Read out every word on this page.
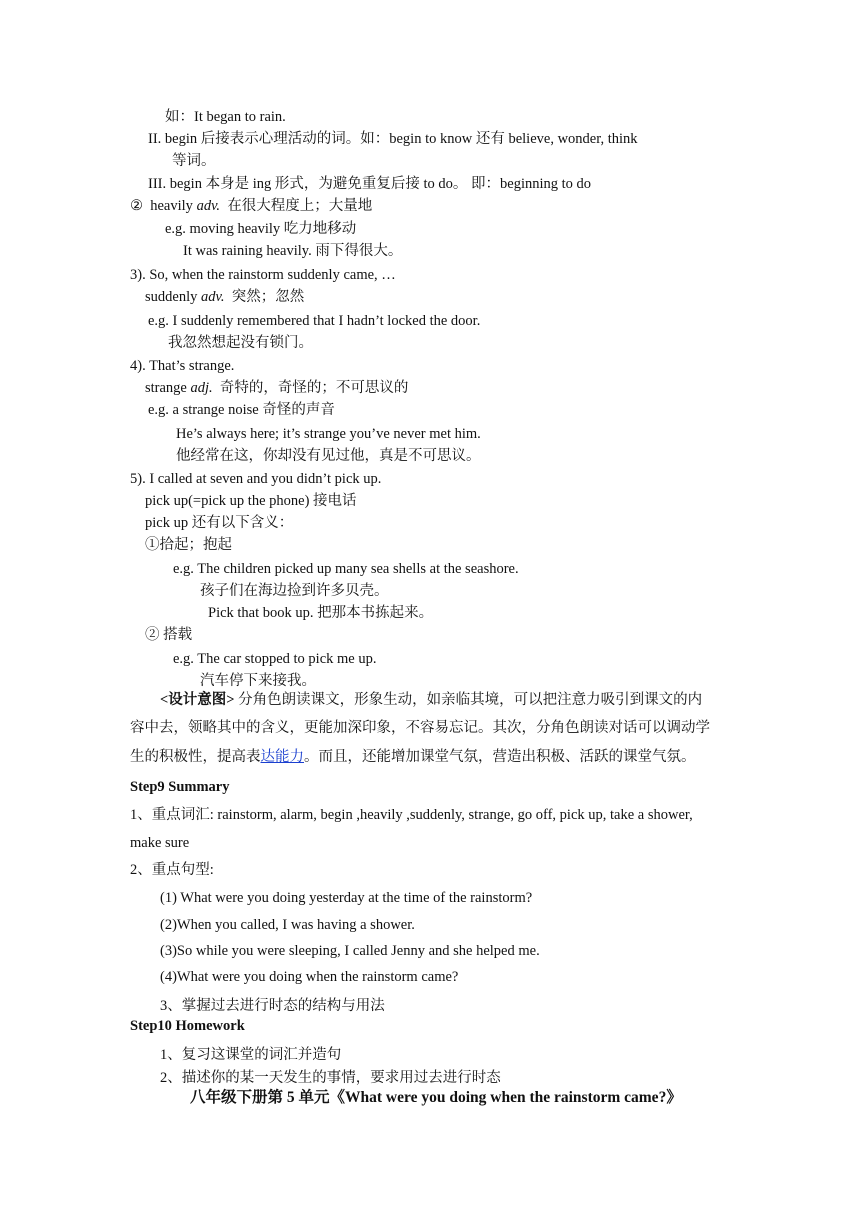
如：It began to rain.
II. begin 后接表示心理活动的词。如：begin to know 还有 believe, wonder, think
等词。
III. begin 本身是 ing 形式，为避免重复后接 to do。 即：beginning to do
② heavily adv. 在很大程度上；大量地
e.g. moving heavily 吃力地移动
It was raining heavily. 雨下得很大。
3). So, when the rainstorm suddenly came, …
suddenly adv. 突然；忽然
e.g. I suddenly remembered that I hadn’t locked the door.
我忽然想起没有锁门。
4). That’s strange.
strange adj. 奇特的，奇怪的；不可思议的
e.g. a strange noise 奇怪的声音
He’s always here; it’s strange you’ve never met him.
他经常在这，你却没有见过他，真是不可思议。
5). I called at seven and you didn’t pick up.
pick up(=pick up the phone) 接电话
pick up 还有以下含义：
①拾起；抱起
e.g. The children picked up many sea shells at the seashore.
孩子们在海边捡到许多贝壳。
Pick that book up. 把那本书拣起来。
② 搭载
e.g. The car stopped to pick me up.
汽车停下来接我。
<设计意图> 分角色朗读课文，形象生动，如亲临其境，可以把注意力吸引到课文的内
容中去，领略其中的含义，更能加深印象，不容易忘记。其次，分角色朗读对话可以调动学
生的积极性，提高表达能力。而且，还能增加课堂气氛，营造出积极、活跃的课堂气氛。
Step9 Summary
1、重点词汇: rainstorm, alarm, begin ,heavily ,suddenly, strange, go off, pick up, take a shower,
make sure
2、重点句型:
(1) What were you doing yesterday at the time of the rainstorm?
(2)When you called, I was having a shower.
(3)So while you were sleeping, I called Jenny and she helped me.
(4)What were you doing when the rainstorm came?
3、掌握过去进行时态的结构与用法
Step10 Homework
1、复习这课堂的词汇并造句
2、描述你的某一天发生的事情，要求用过去进行时态
八年级下册第 5 单元《What were you doing when the rainstorm came?》
